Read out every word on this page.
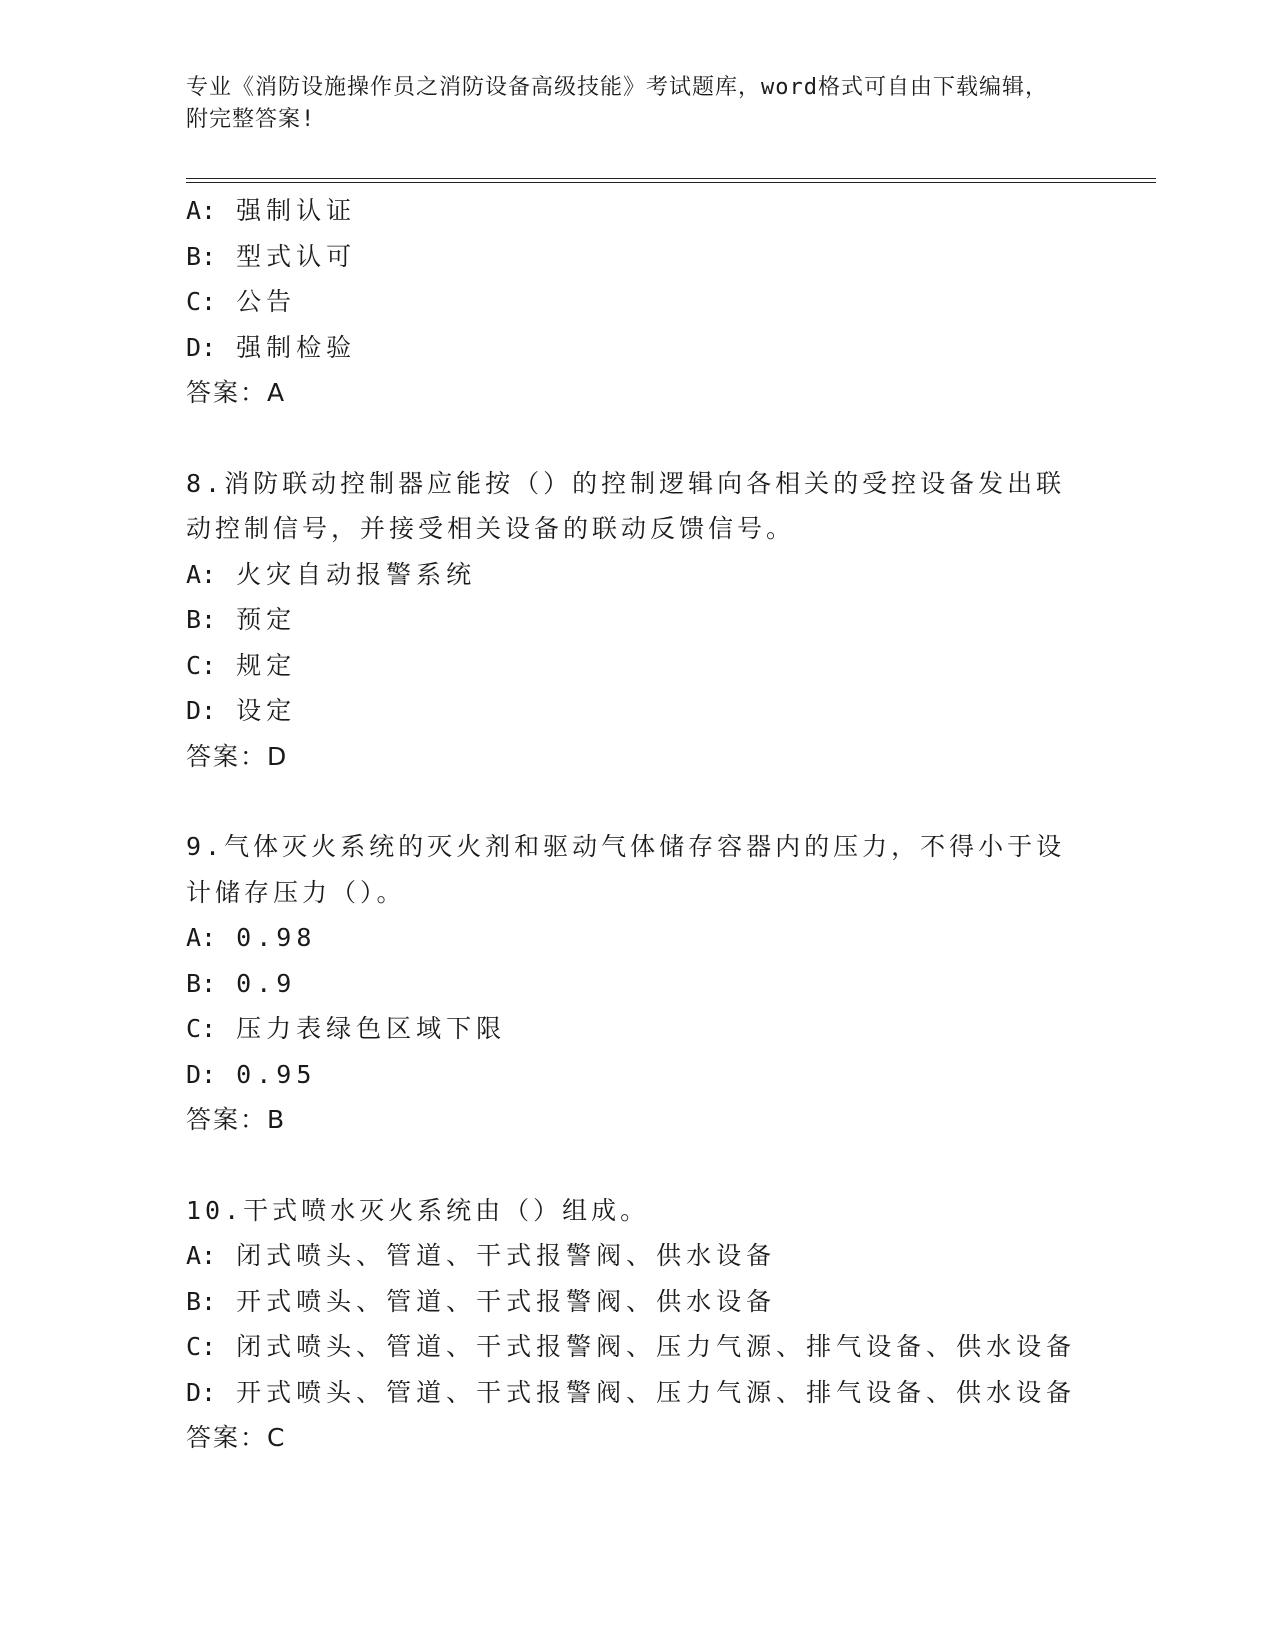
专业《消防设施操作员之消防设备高级技能》考试题库，word格式可自由下载编辑，附完整答案!
A: 强制认证
B: 型式认可
C: 公告
D: 强制检验
答案：A
8.消防联动控制器应能按（）的控制逻辑向各相关的受控设备发出联动控制信号，并接受相关设备的联动反馈信号。
A: 火灾自动报警系统
B: 预定
C: 规定
D: 设定
答案：D
9.气体灭火系统的灭火剂和驱动气体储存容器内的压力，不得小于设计储存压力（）。
A: 0.98
B: 0.9
C: 压力表绿色区域下限
D: 0.95
答案：B
10.干式喷水灭火系统由（）组成。
A: 闭式喷头、管道、干式报警阀、供水设备
B: 开式喷头、管道、干式报警阀、供水设备
C: 闭式喷头、管道、干式报警阀、压力气源、排气设备、供水设备
D: 开式喷头、管道、干式报警阀、压力气源、排气设备、供水设备
答案：C
